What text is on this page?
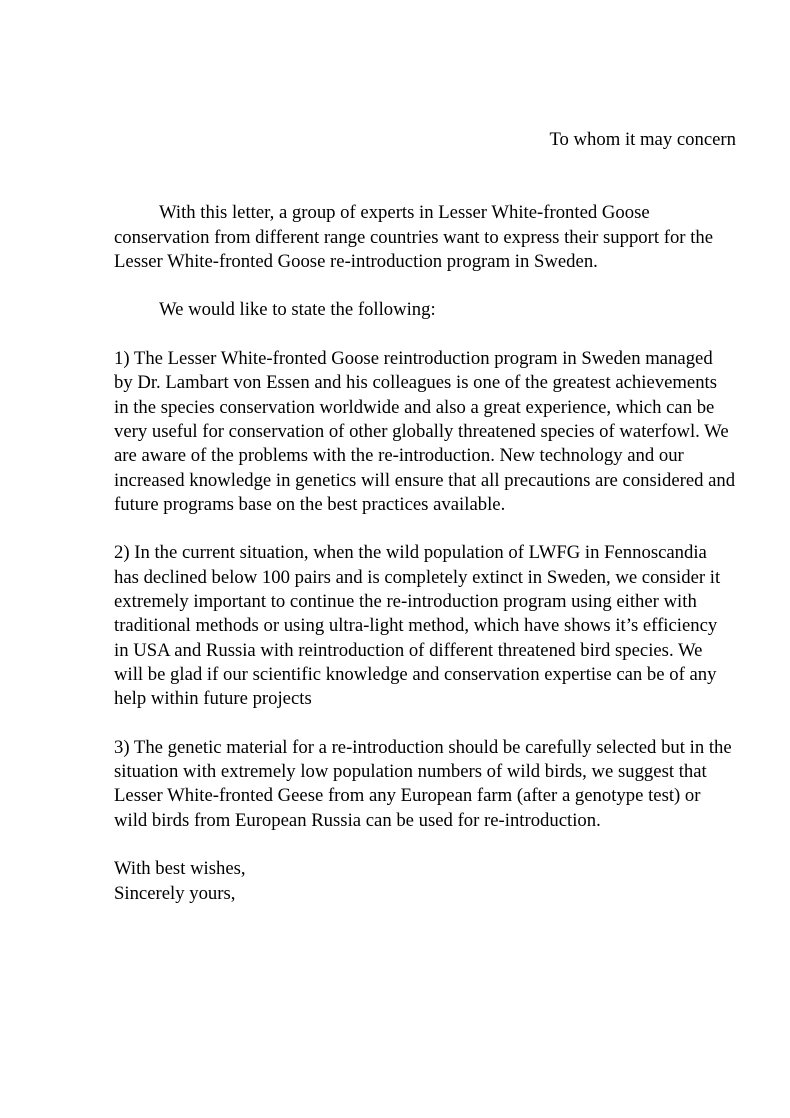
To whom it may concern

With this letter, a group of experts in Lesser White-fronted Goose conservation from different range countries want to express their support for the Lesser White-fronted Goose re-introduction program in Sweden.

We would like to state the following:

1) The Lesser White-fronted Goose reintroduction program in Sweden managed by Dr. Lambart von Essen and his colleagues is one of the greatest achievements in the species conservation worldwide and also a great experience, which can be very useful for conservation of other globally threatened species of waterfowl. We are aware of the problems with the re-introduction. New technology and our increased knowledge in genetics will ensure that all precautions are considered and future programs base on the best practices available.

2) In the current situation, when the wild population of LWFG in Fennoscandia has declined below 100 pairs and is completely extinct in Sweden, we consider it extremely important to continue the re-introduction program using either with traditional methods or using ultra-light method, which have shows it’s efficiency in USA and Russia with reintroduction of different threatened bird species. We will be glad if our scientific knowledge and conservation expertise can be of any help within future projects

3) The genetic material for a re-introduction should be carefully selected but in the situation with extremely low population numbers of wild birds, we suggest that Lesser White-fronted Geese from any European farm (after a genotype test) or wild birds from European Russia can be used for re-introduction.

With best wishes,

Sincerely yours,
